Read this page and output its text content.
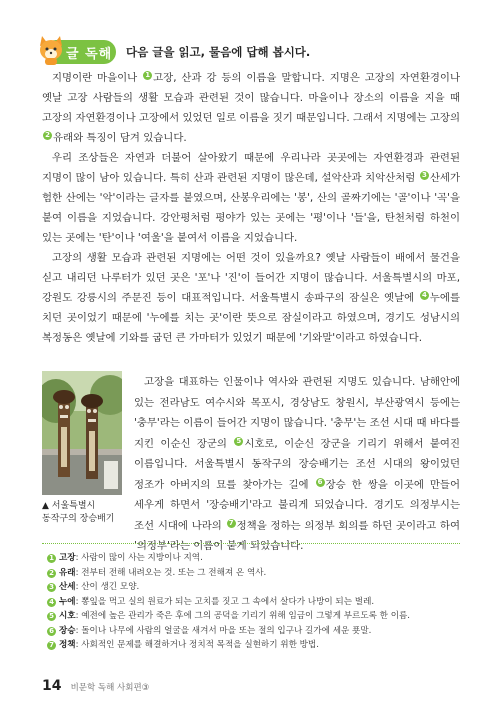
글 독해 다음 글을 읽고, 물음에 답해 봅시다.

지명이란 마을이나 1 고장, 산과 강 등의 이름을 말합니다. 지명은 고장의 자연환경이나 옛날 고장 사람들의 생활 모습과 관련된 것이 많습니다. 마을이나 장소의 이름을 지을 때 고장의 자연환경이나 고장에서 있었던 일로 이름을 짓기 때문입니다. 그래서 지명에는 고장의 2 유래와 특징이 담겨 있습니다.

우리 조상들은 자연과 더불어 살아왔기 때문에 우리나라 곳곳에는 자연환경과 관련된 지명이 많이 남아 있습니다. 특히 산과 관련된 지명이 많은데, 설악산과 치악산처럼 3 산세가 험한 산에는 '악'이라는 글자를 붙였으며, 산봉우리에는 '봉', 산의 골짜기에는 '골'이나 '곡'을 붙여 이름을 지었습니다. 강안평처럼 평야가 있는 곳에는 '평'이나 '들'을, 탄천처럼 하천이 있는 곳에는 '탄'이나 '여울'을 붙여서 이름을 지었습니다.

고장의 생활 모습과 관련된 지명에는 어떤 것이 있을까요? 옛날 사람들이 배에서 물건을 싣고 내리던 나루터가 있던 곳은 '포'나 '진'이 들어간 지명이 많습니다. 서울특별시의 마포, 강원도 강릉시의 주문진 등이 대표적입니다. 서울특별시 송파구의 잠실은 옛날에 4 누에를 치던 곳이었기 때문에 '누에를 치는 곳'이란 뜻으로 잠실이라고 하였으며, 경기도 성남시의 복정동은 옛날에 기와를 굽던 큰 가마터가 있었기 때문에 '기와말'이라고 하였습니다.

▲ 서울특별시
동작구의 장승배기

고장을 대표하는 인물이나 역사와 관련된 지명도 있습니다. 남해안에 있는 전라남도 여수시와 목포시, 경상남도 창원시, 부산광역시 등에는 '충무'라는 이름이 들어간 지명이 많습니다. '충무'는 조선 시대 때 바다를 지킨 이순신 장군의 5 시호로, 이순신 장군을 기리기 위해서 붙여진 이름입니다. 서울특별시 동작구의 장승배기는 조선 시대의 왕이었던 정조가 아버지의 묘를 찾아가는 길에 6 장승 한 쌍을 이곳에 만들어 세우게 하면서 '장승배기'라고 불리게 되었습니다. 경기도 의정부시는 조선 시대에 나라의 7 정책을 정하는 의정부 회의를 하던 곳이라고 하여 '의정부'라는 이름이 붙게 되었습니다.

1 고장: 사람이 많이 사는 지방이나 지역.
2 유래: 전부터 전해 내려오는 것. 또는 그 전해져 온 역사.
3 산세: 산이 생긴 모양.
4 누에: 뽕잎을 먹고 실의 원료가 되는 고치를 짓고 그 속에서 살다가 나방이 되는 벌레.
5 시호: 예전에 높은 관리가 죽은 후에 그의 공덕을 기리기 위해 임금이 그렇게 부르도록 한 이름.
6 장승: 돌이나 나무에 사람의 얼굴을 새겨서 마을 또는 절의 입구나 길가에 세운 푯말.
7 정책: 사회적인 문제를 해결하거나 정치적 목적을 실현하기 위한 방법.
14 비문학 독해 사회편③
